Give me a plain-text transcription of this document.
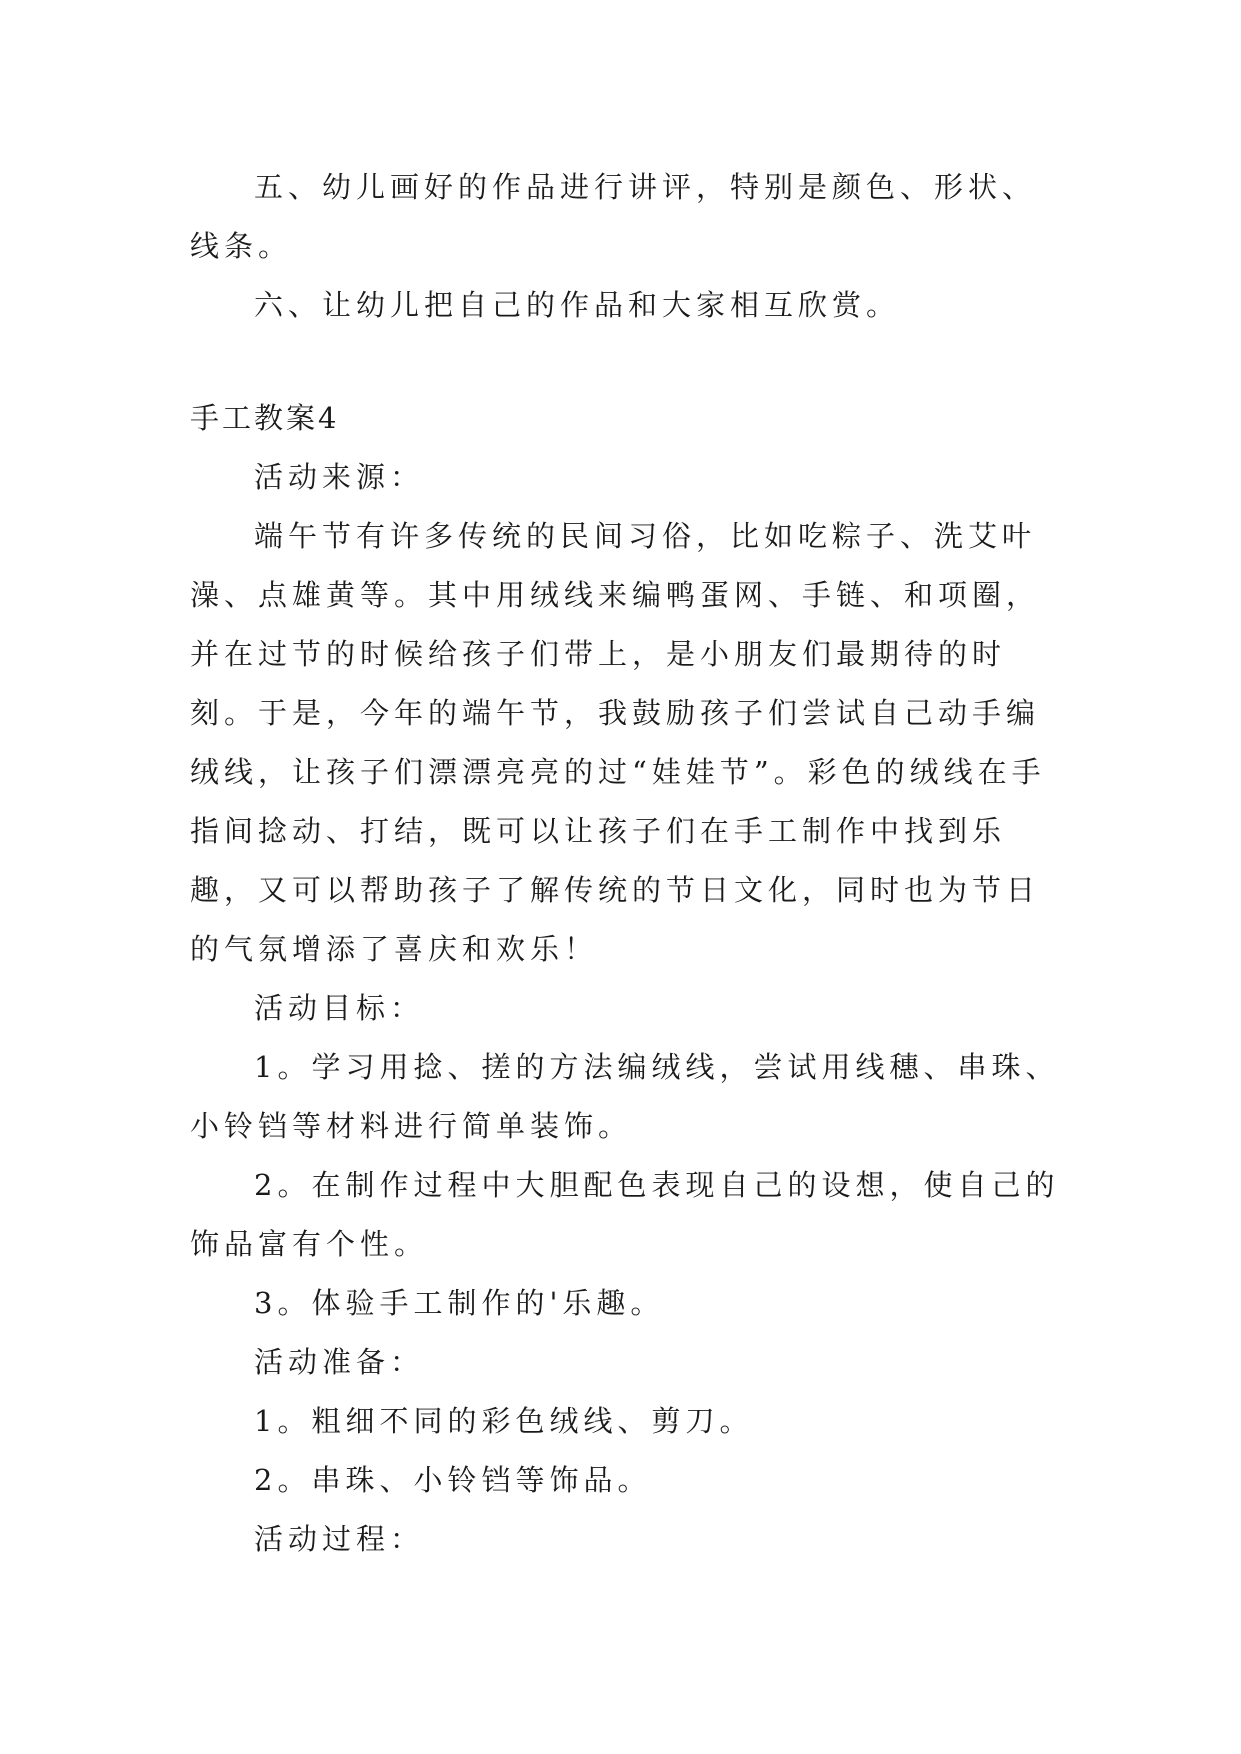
五、幼儿画好的作品进行讲评，特别是颜色、形状、线条。

六、让幼儿把自己的作品和大家相互欣赏。

手工教案4

活动来源：

端午节有许多传统的民间习俗，比如吃粽子、洗艾叶澡、点雄黄等。其中用绒线来编鸭蛋网、手链、和项圈，并在过节的时候给孩子们带上，是小朋友们最期待的时刻。于是，今年的端午节，我鼓励孩子们尝试自己动手编绒线，让孩子们漂漂亮亮的过“娃娃节”。彩色的绒线在手指间捻动、打结，既可以让孩子们在手工制作中找到乐趣，又可以帮助孩子了解传统的节日文化，同时也为节日的气氛增添了喜庆和欢乐！

活动目标：

1。学习用捻、搓的方法编绒线，尝试用线穗、串珠、小铃铛等材料进行简单装饰。

2。在制作过程中大胆配色表现自己的设想，使自己的饰品富有个性。

3。体验手工制作的'乐趣。

活动准备：

1。粗细不同的彩色绒线、剪刀。

2。串珠、小铃铛等饰品。

活动过程：
